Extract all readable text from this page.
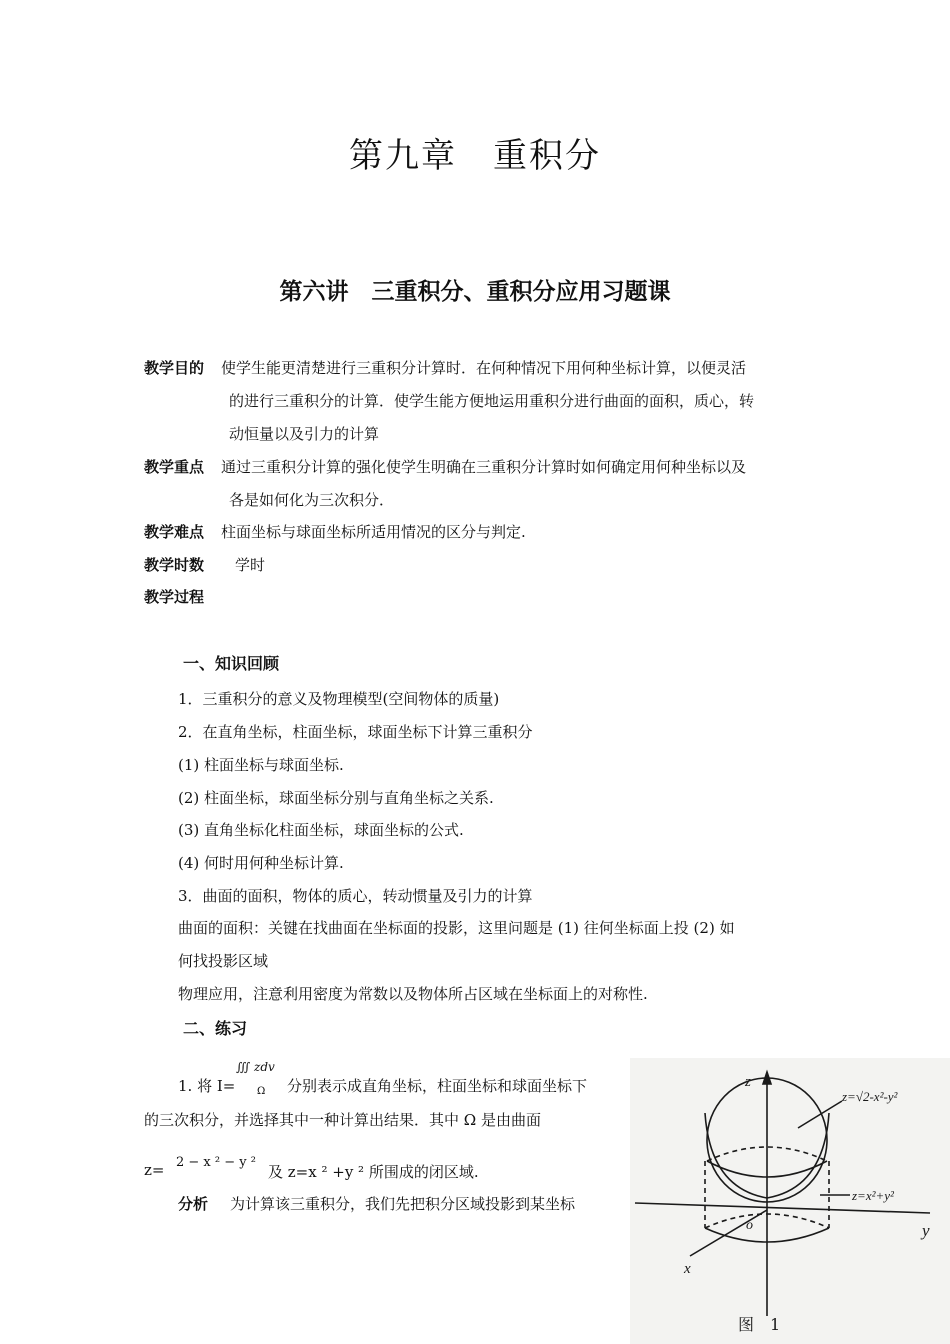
第九章　重积分
第六讲　三重积分、重积分应用习题课
教学目的 使学生能更清楚进行三重积分计算时．在何种情况下用何种坐标计算，以便灵活
的进行三重积分的计算．使学生能方便地运用重积分进行曲面的面积，质心，转
动恒量以及引力的计算
教学重点 通过三重积分计算的强化使学生明确在三重积分计算时如何确定用何种坐标以及
各是如何化为三次积分．
教学难点 柱面坐标与球面坐标所适用情况的区分与判定.
教学时数 学时
教学过程
一、知识回顾
1．三重积分的意义及物理模型(空间物体的质量)
2．在直角坐标，柱面坐标，球面坐标下计算三重积分
(1) 柱面坐标与球面坐标.
(2) 柱面坐标，球面坐标分别与直角坐标之关系.
(3) 直角坐标化柱面坐标，球面坐标的公式.
(4) 何时用何种坐标计算.
3．曲面的面积，物体的质心，转动惯量及引力的计算
曲面的面积：关键在找曲面在坐标面的投影，这里问题是 (1) 往何坐标面上投 (2) 如
何找投影区域
物理应用，注意利用密度为常数以及物体所占区域在坐标面上的对称性.
二、练习
1. 将 I=
∭ zdv
Ω 分别表示成直角坐标，柱面坐标和球面坐标下
的三次积分，并选择其中一种计算出结果．其中 Ω 是由曲面
z= 2 − x ² − y ²
及 z=x ² +y ² 所围成的闭区域.
分析 为计算该三重积分，我们先把积分区域投影到某坐标
z
y
x
o
z=√2-x²-y²
z=x²+y²
图　1
